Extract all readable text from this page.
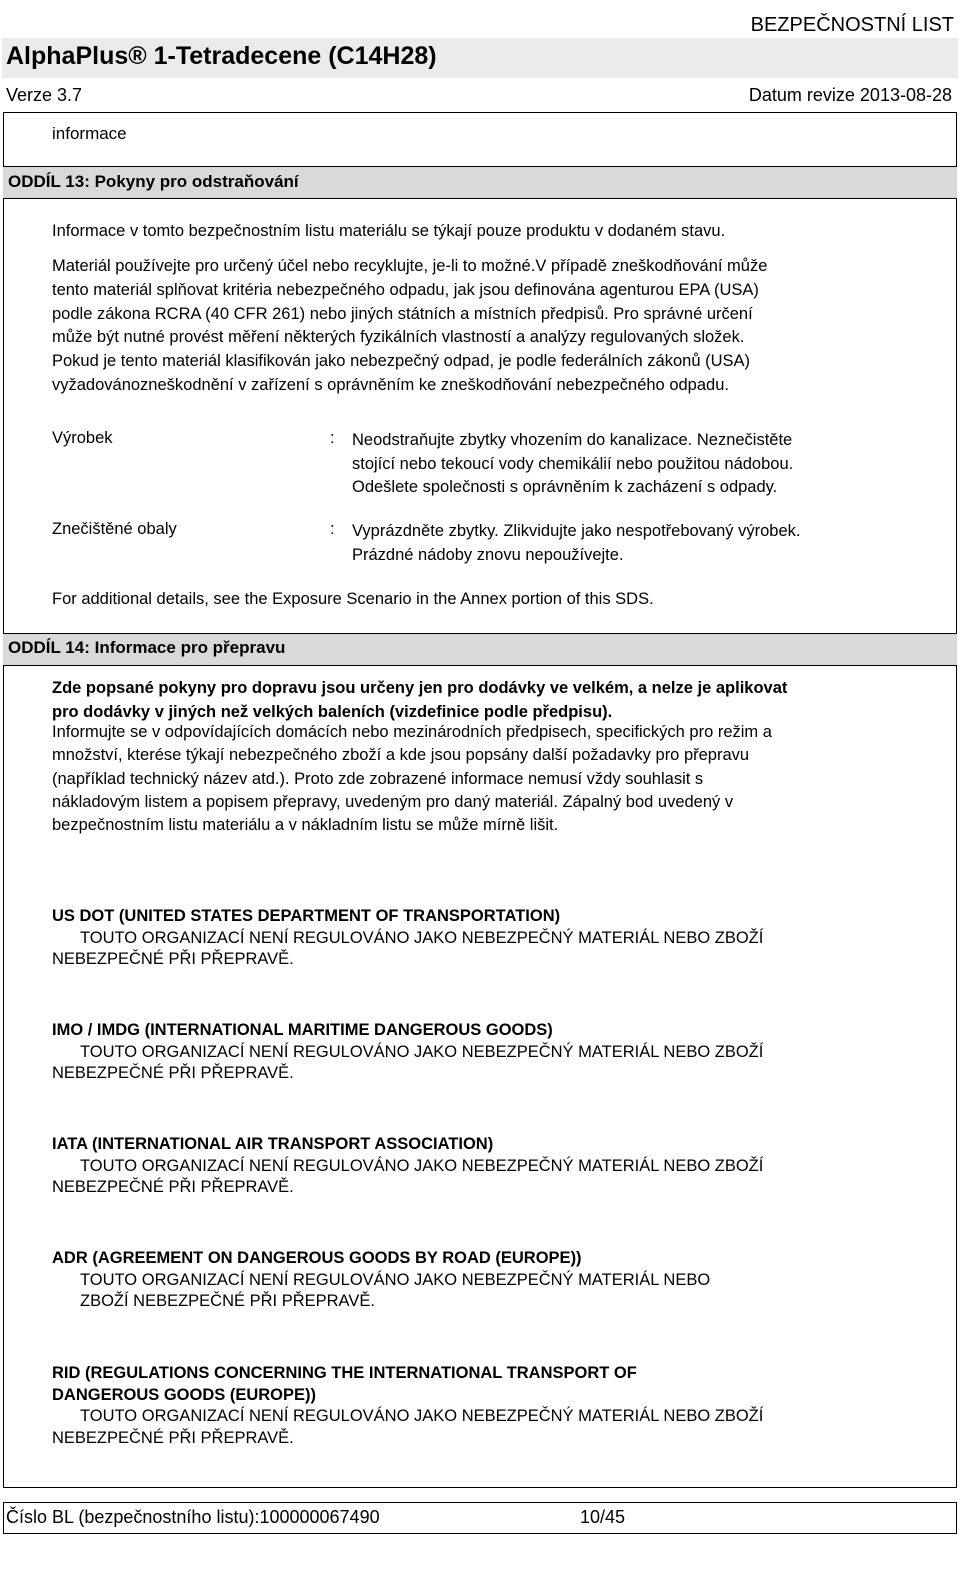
BEZPEČNOSTNÍ LIST
AlphaPlus® 1-Tetradecene (C14H28)
Verze 3.7	Datum revize 2013-08-28
informace
ODDÍL 13: Pokyny pro odstraňování
Informace v tomto bezpečnostním listu materiálu se týkají pouze produktu v dodaném stavu.
Materiál používejte pro určený účel nebo recyklujte, je-li to možné.V případě zneškodňování může
tento materiál splňovat kritéria nebezpečného odpadu, jak jsou definována agenturou EPA (USA)
podle zákona RCRA (40 CFR 261) nebo jiných státních a místních předpisů. Pro správné určení
může být nutné provést měření některých fyzikálních vlastností a analýzy regulovaných složek.
Pokud je tento materiál klasifikován jako nebezpečný odpad, je podle federálních zákonů (USA)
vyžadovánozneškodnění v zařízení s oprávněním ke zneškodňování nebezpečného odpadu.
Výrobek	: Neodstraňujte zbytky vhozením do kanalizace. Neznečistěte
stojící nebo tekoucí vody chemikálií nebo použitou nádobou.
Odešlete společnosti s oprávněním k zacházení s odpady.
Znečištěné obaly	: Vyprázdněte zbytky. Zlikvidujte jako nespotřebovaný výrobek.
Prázdné nádoby znovu nepoužívejte.
For additional details, see the Exposure Scenario in the Annex portion of this SDS.
ODDÍL 14: Informace pro přepravu
Zde popsané pokyny pro dopravu jsou určeny jen pro dodávky ve velkém, a nelze je aplikovat
pro dodávky v jiných než velkých baleních (vizdefinice podle předpisu).
Informujte se v odpovídajících domácích nebo mezinárodních předpisech, specifických pro režim a
množství, kterése týkají nebezpečného zboží a kde jsou popsány další požadavky pro přepravu
(například technický název atd.). Proto zde zobrazené informace nemusí vždy souhlasit s
nákladovým listem a popisem přepravy, uvedeným pro daný materiál. Zápalný bod uvedený v
bezpečnostním listu materiálu a v nákladním listu se může mírně lišit.
US DOT (UNITED STATES DEPARTMENT OF TRANSPORTATION)
TOUTO ORGANIZACÍ NENÍ REGULOVÁNO JAKO NEBEZPEČNÝ MATERIÁL NEBO ZBOŽÍ
NEBEZPEČNÉ PŘI PŘEPRAVĚ.
IMO / IMDG (INTERNATIONAL MARITIME DANGEROUS GOODS)
TOUTO ORGANIZACÍ NENÍ REGULOVÁNO JAKO NEBEZPEČNÝ MATERIÁL NEBO ZBOŽÍ
NEBEZPEČNÉ PŘI PŘEPRAVĚ.
IATA (INTERNATIONAL AIR TRANSPORT ASSOCIATION)
TOUTO ORGANIZACÍ NENÍ REGULOVÁNO JAKO NEBEZPEČNÝ MATERIÁL NEBO ZBOŽÍ
NEBEZPEČNÉ PŘI PŘEPRAVĚ.
ADR (AGREEMENT ON DANGEROUS GOODS BY ROAD (EUROPE))
TOUTO ORGANIZACÍ NENÍ REGULOVÁNO JAKO NEBEZPEČNÝ MATERIÁL NEBO
ZBOŽÍ NEBEZPEČNÉ PŘI PŘEPRAVĚ.
RID (REGULATIONS CONCERNING THE INTERNATIONAL TRANSPORT OF
DANGEROUS GOODS (EUROPE))
TOUTO ORGANIZACÍ NENÍ REGULOVÁNO JAKO NEBEZPEČNÝ MATERIÁL NEBO ZBOŽÍ
NEBEZPEČNÉ PŘI PŘEPRAVĚ.
Číslo BL (bezpečnostního listu):100000067490	10/45
